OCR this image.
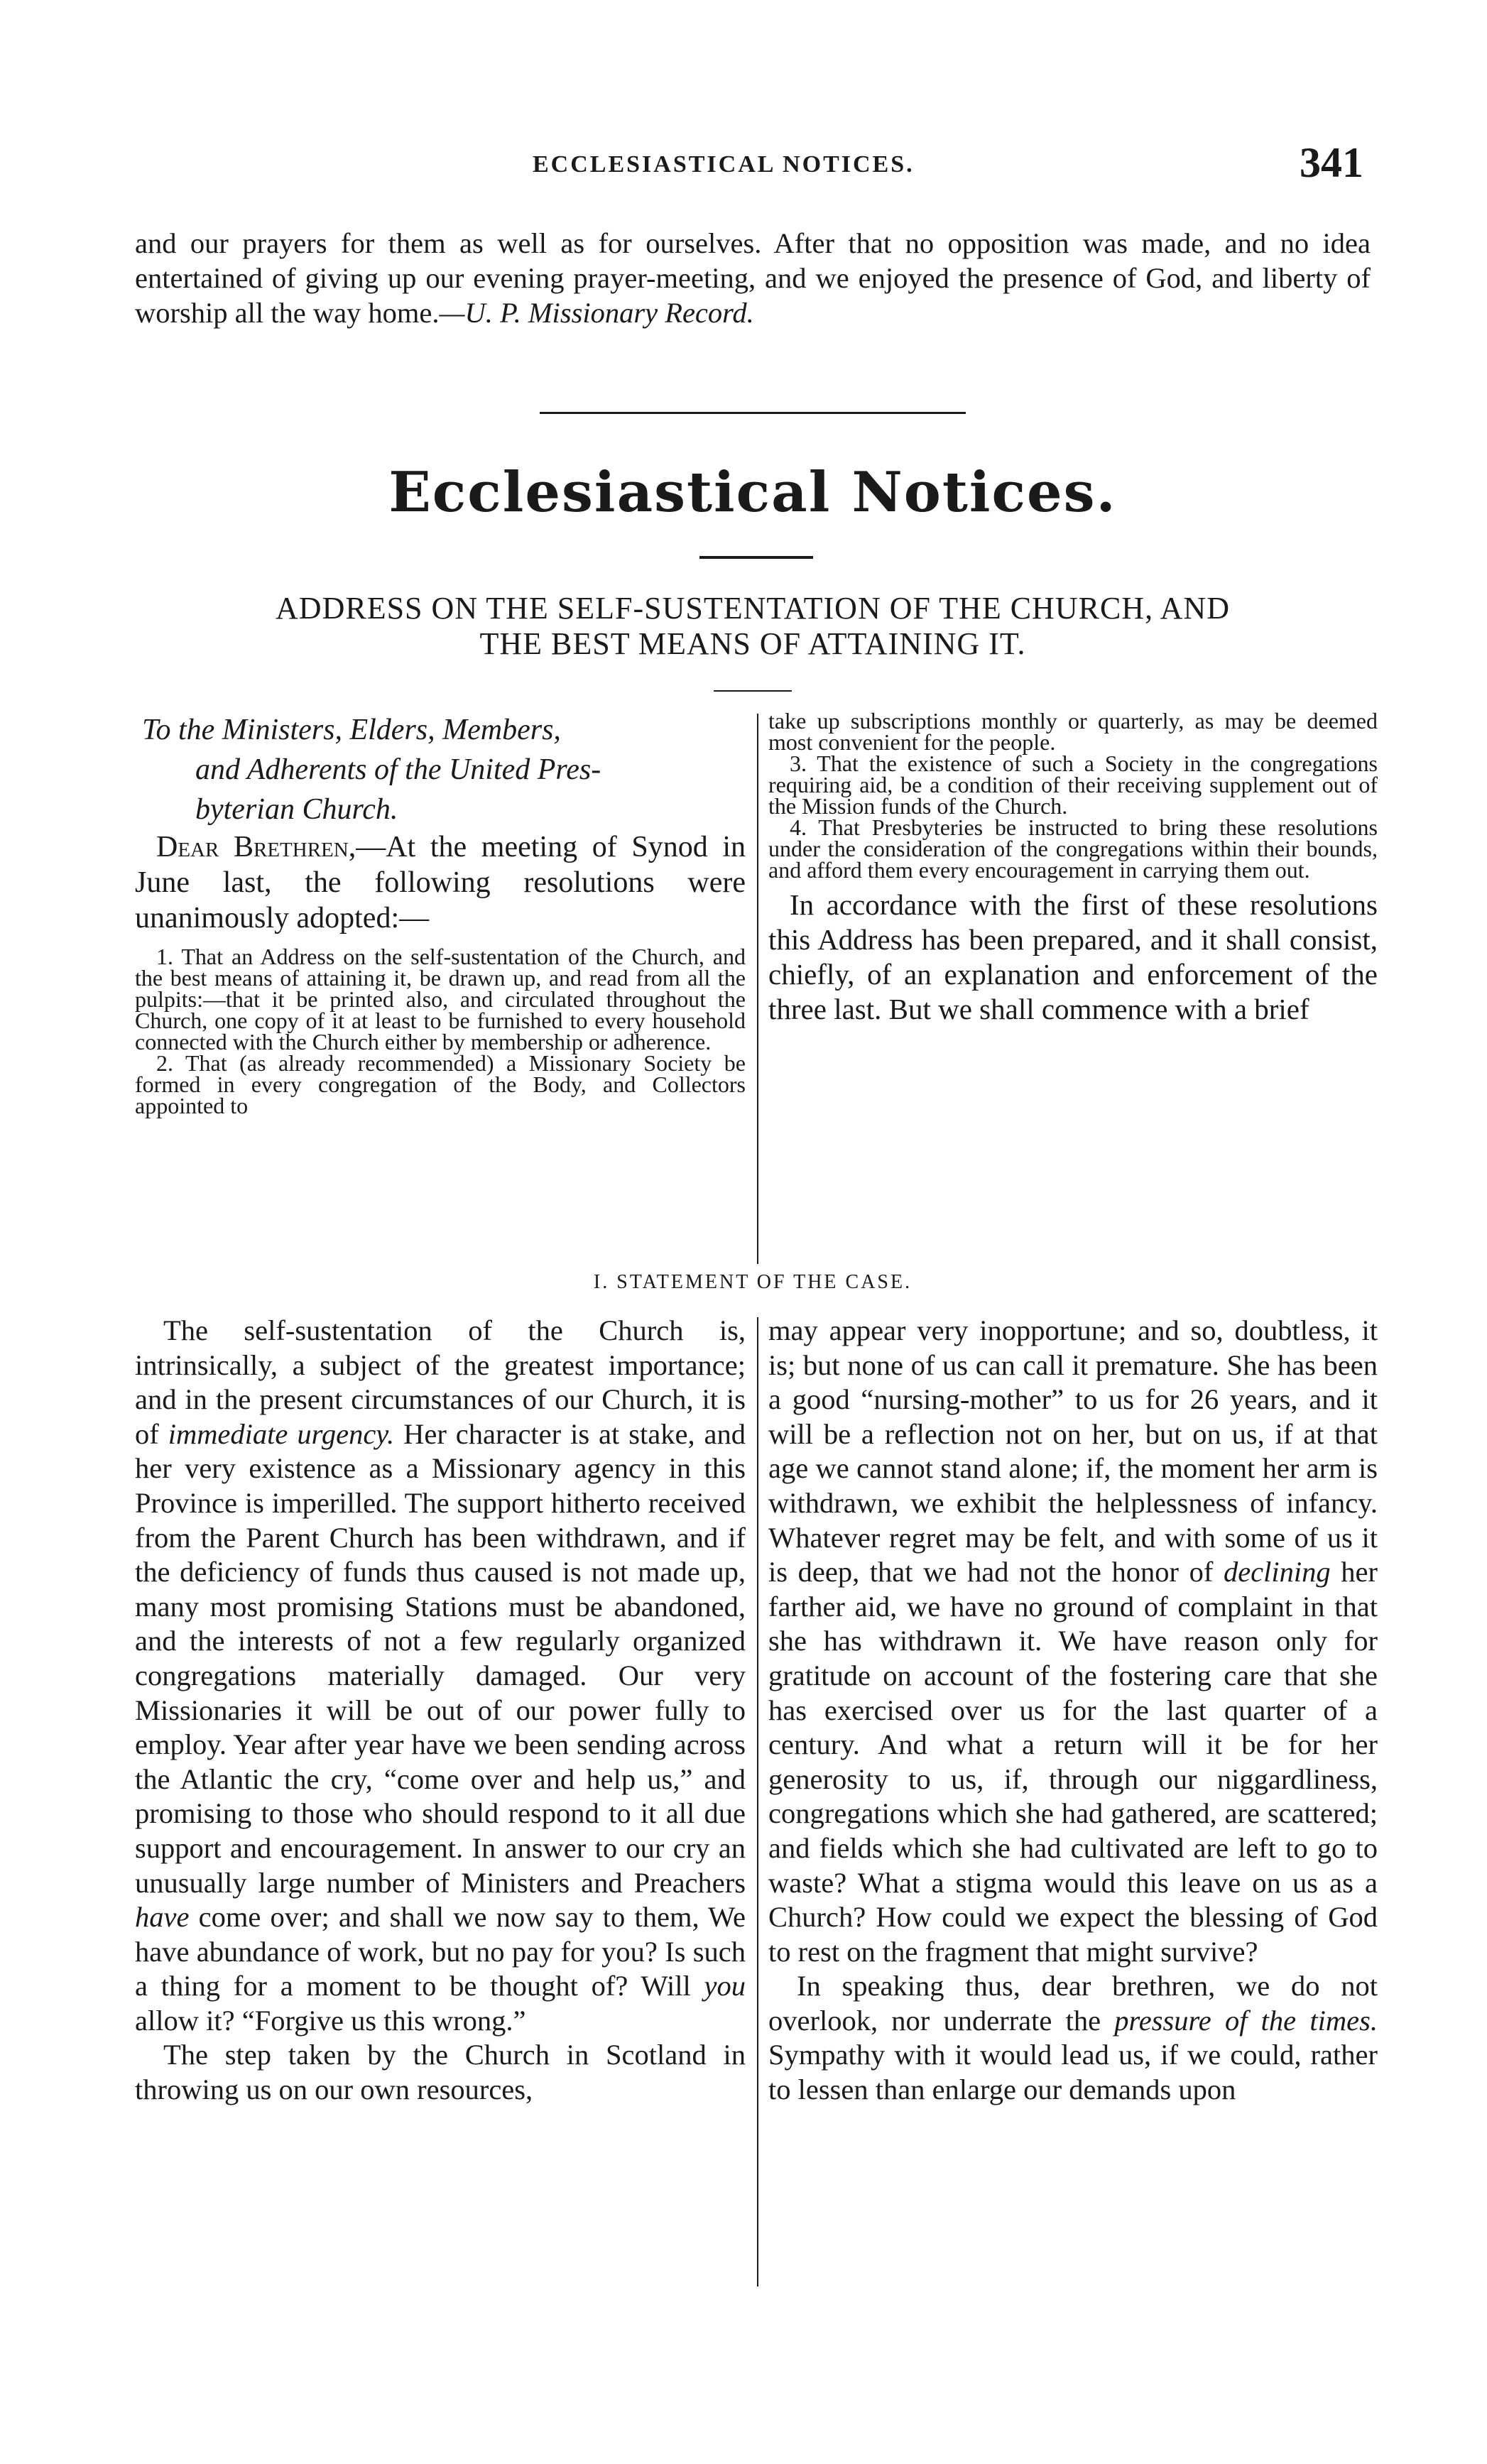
ECCLESIASTICAL NOTICES.	341
and our prayers for them as well as for ourselves. After that no opposition was made, and no idea entertained of giving up our evening prayer-meeting, and we enjoyed the presence of God, and liberty of worship all the way home.—U. P. Missionary Record.
Ecclesiastical Notices.
ADDRESS ON THE SELF-SUSTENTATION OF THE CHURCH, AND
THE BEST MEANS OF ATTAINING IT.

To the Ministers, Elders, Members,
and Adherents of the United Pres-
byterian Church.

Dear Brethren,—At the meeting of Synod in June last, the following resolutions were unanimously adopted:—

1. That an Address on the self-sustentation of the Church, and the best means of attaining it, be drawn up, and read from all the pulpits:—that it be printed also, and circulated throughout the Church, one copy of it at least to be furnished to every household connected with the Church either by membership or adherence.

2. That (as already recommended) a Missionary Society be formed in every congregation of the Body, and Collectors appointed to

take up subscriptions monthly or quarterly, as may be deemed most convenient for the people.

3. That the existence of such a Society in the congregations requiring aid, be a condition of their receiving supplement out of the Mission funds of the Church.

4. That Presbyteries be instructed to bring these resolutions under the consideration of the congregations within their bounds, and afford them every encouragement in carrying them out.

In accordance with the first of these resolutions this Address has been prepared, and it shall consist, chiefly, of an explanation and enforcement of the three last. But we shall commence with a brief

I. STATEMENT OF THE CASE.

The self-sustentation of the Church is, intrinsically, a subject of the greatest importance; and in the present circumstances of our Church, it is of immediate urgency. Her character is at stake, and her very existence as a Missionary agency in this Province is imperilled. The support hitherto received from the Parent Church has been withdrawn, and if the deficiency of funds thus caused is not made up, many most promising Stations must be abandoned, and the interests of not a few regularly organized congregations materially damaged. Our very Missionaries it will be out of our power fully to employ. Year after year have we been sending across the Atlantic the cry, “come over and help us,” and promising to those who should respond to it all due support and encouragement. In answer to our cry an unusually large number of Ministers and Preachers have come over; and shall we now say to them, We have abundance of work, but no pay for you? Is such a thing for a moment to be thought of? Will you allow it? “Forgive us this wrong.”

The step taken by the Church in Scotland in throwing us on our own resources,

may appear very inopportune; and so, doubtless, it is; but none of us can call it premature. She has been a good “nursing-mother” to us for 26 years, and it will be a reflection not on her, but on us, if at that age we cannot stand alone; if, the moment her arm is withdrawn, we exhibit the helplessness of infancy. Whatever regret may be felt, and with some of us it is deep, that we had not the honor of declining her farther aid, we have no ground of complaint in that she has withdrawn it. We have reason only for gratitude on account of the fostering care that she has exercised over us for the last quarter of a century. And what a return will it be for her generosity to us, if, through our niggardliness, congregations which she had gathered, are scattered; and fields which she had cultivated are left to go to waste? What a stigma would this leave on us as a Church? How could we expect the blessing of God to rest on the fragment that might survive?

In speaking thus, dear brethren, we do not overlook, nor underrate the pressure of the times. Sympathy with it would lead us, if we could, rather to lessen than enlarge our demands upon
